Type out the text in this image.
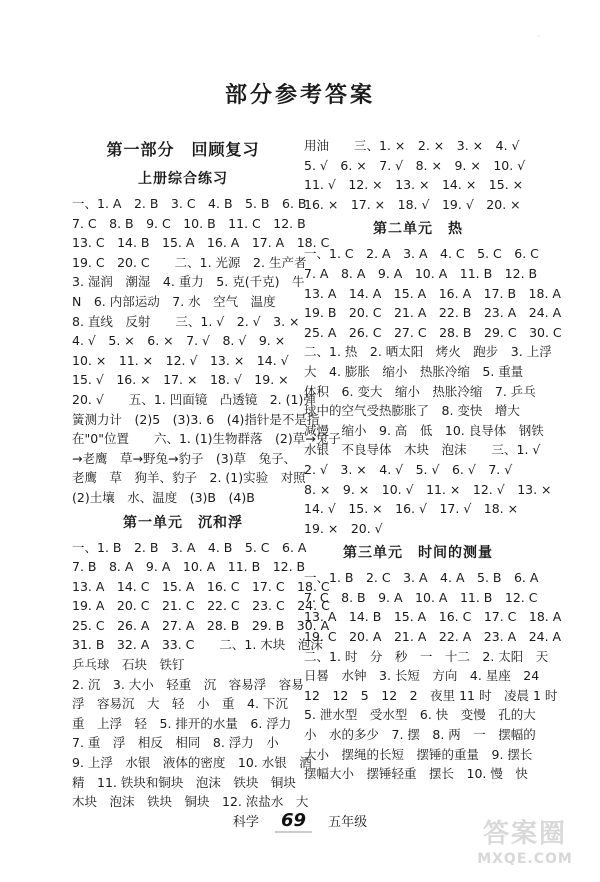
·
部分参考答案
第一部分　回顾复习
上册综合练习
一、1. A　2. B　3. C　4. B　5. B　6. B
7. C　8. B　9. C　10. B　11. C　12. B
13. C　14. B　15. A　16. A　17. A　18. C
19. C　20. C　　二、1. 光源　2. 生产者
3. 湿润　潮湿　4. 重力　5. 克(千克)　牛
N　6. 内部运动　7. 水　空气　温度
8. 直线　反射　　三、1. √　2. √　3. ×
4. √　5. ×　6. ×　7. √　8. √　9. ×
10. ×　11. ×　12. √　13. ×　14. √
15. √　16. ×　17. ×　18. √　19. ×
20. √　　五、1. 凹面镜　凸透镜　2. (1)弹
簧测力计　(2)5　(3)3. 6　(4)指针是不是指
在"0"位置　　六、1. (1)生物群落　(2)草→兔子
→老鹰　草→野兔→豹子　(3)草　兔子、
老鹰　草　狗羊、豹子　2. (1)实验　对照
(2)土壤　水、温度　(3)B　(4)B
第一单元　沉和浮
一、1. B　2. B　3. A　4. B　5. C　6. A
7. B　8. A　9. A　10. A　11. B　12. B
13. A　14. C　15. A　16. C　17. C　18. C
19. A　20. C　21. C　22. C　23. C　24. C
25. C　26. A　27. A　28. B　29. B　30. A
31. B　32. A　33. C　　二、1. 木块　泡沫
乒乓球　石块　铁钉
2. 沉　3. 大小　轻重　沉　容易浮　容易
浮　容易沉　大　轻　小　重　4. 下沉
重　上浮　轻　5. 排开的水量　6. 浮力
7. 重　浮　相反　相同　8. 浮力　小
9. 上浮　水银　液体的密度　10. 水银　酒
精　11. 铁块和铜块　泡沫　铁块　铜块
木块　泡沫　铁块　铜块　12. 浓盐水　大
用油　　三、1. ×　2. ×　3. ×　4. √
5. √　6. ×　7. √　8. ×　9. ×　10. √
11. √　12. ×　13. ×　14. ×　15. ×
16. ×　17. ×　18. √　19. √　20. ×
第二单元　热
一、1. C　2. A　3. A　4. C　5. C　6. C
7. A　8. A　9. A　10. A　11. B　12. B
13. A　14. A　15. A　16. A　17. B　18. A
19. B　20. C　21. A　22. B　23. A　24. A
25. A　26. C　27. C　28. B　29. C　30. C
二、1. 热　2. 晒太阳　烤火　跑步　3. 上浮
大　4. 膨胀　缩小　热胀冷缩　5. 重量
体积　6. 变大　缩小　热胀冷缩　7. 乒乓
球中的空气受热膨胀了　8. 变快　增大
减慢　缩小　9. 高　低　10. 良导体　钢铁
水银　不良导体　木块　泡沫　　三、1. √
2. √　3. ×　4. √　5. √　6. √　7. √
8. ×　9. ×　10. √　11. ×　12. √　13. ×
14. √　15. ×　16. √　17. √　18. ×
19. ×　20. √
第三单元　时间的测量
一、1. B　2. C　3. A　4. A　5. B　6. A
7. C　8. B　9. A　10. A　11. B　12. C
13. A　14. B　15. A　16. C　17. C　18. A
19. C　20. A　21. A　22. A　23. A　24. A
二、1. 时　分　秒　一　十二　2. 太阳　天
日晷　水钟　3. 长短　方向　4. 星座　24
12　12　5　12　2　夜里 11 时　凌晨 1 时
5. 泄水型　受水型　6. 快　变慢　孔的大
小　水的多少　7. 摆　8. 两　一　摆幅的
大小　摆绳的长短　摆锤的重量　9. 摆长
摆幅大小　摆锤轻重　摆长　10. 慢　快
科学 69 五年级	答案圈
MXQE.COM
